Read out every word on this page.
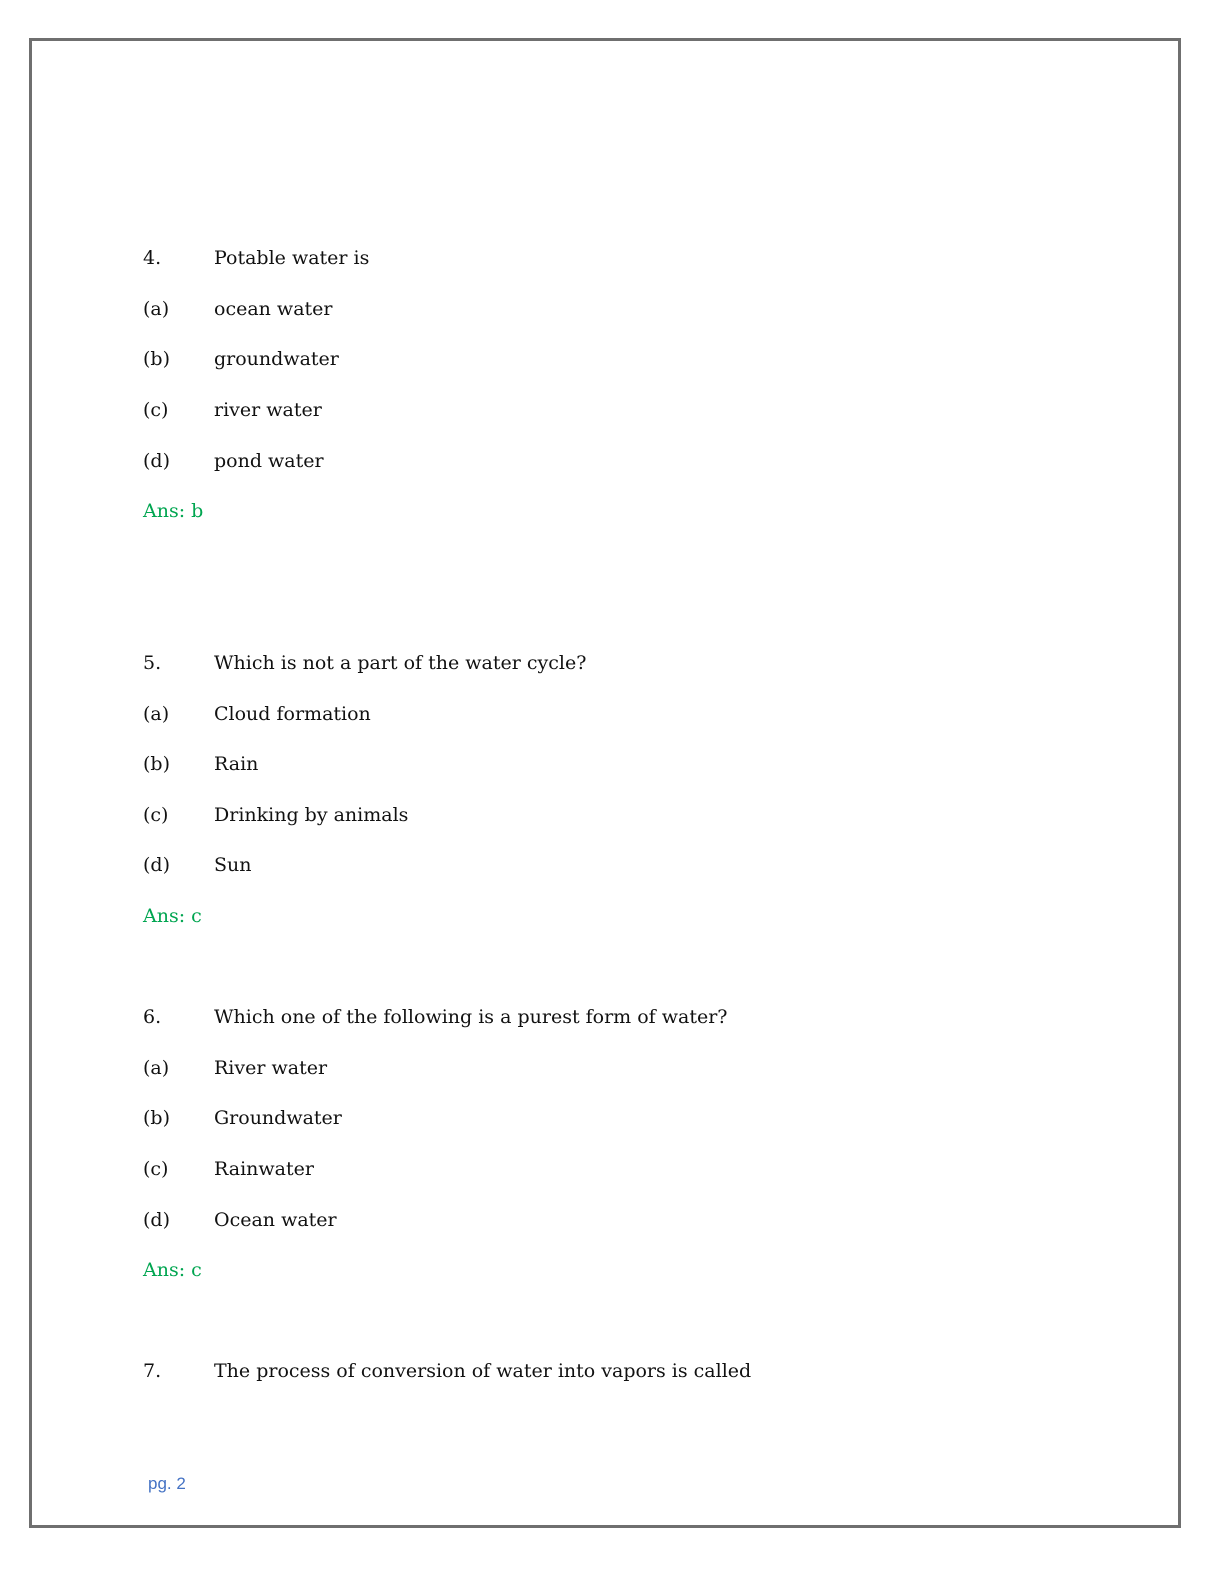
4.	Potable water is
(a)	ocean water
(b)	groundwater
(c)	river water
(d)	pond water
Ans: b
5.	Which is not a part of the water cycle?
(a)	Cloud formation
(b)	Rain
(c)	Drinking by animals
(d)	Sun
Ans: c
6.	Which one of the following is a purest form of water?
(a)	River water
(b)	Groundwater
(c)	Rainwater
(d)	Ocean water
Ans: c
7.	The process of conversion of water into vapors is called
pg. 2
